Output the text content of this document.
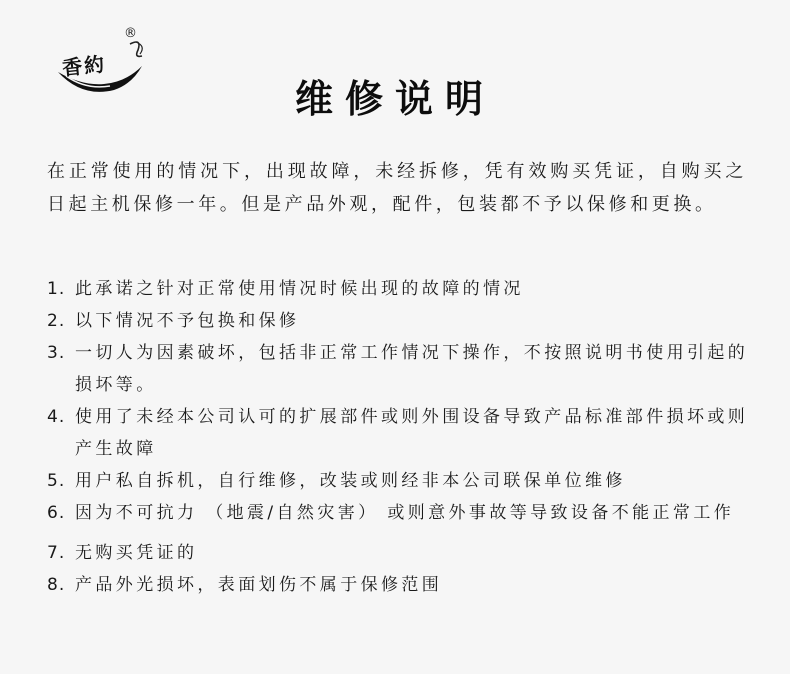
香約
®
维修说明
在正常使用的情况下，出现故障，未经拆修，凭有效购买凭证，自购买之日起主机保修一年。但是产品外观，配件，包装都不予以保修和更换。
1. 此承诺之针对正常使用情况时候出现的故障的情况
2. 以下情况不予包换和保修
3. 一切人为因素破坏，包括非正常工作情况下操作，不按照说明书使用引起的损坏等。
4. 使用了未经本公司认可的扩展部件或则外围设备导致产品标准部件损坏或则产生故障
5. 用户私自拆机，自行维修，改装或则经非本公司联保单位维修
6. 因为不可抗力 （地震/自然灾害） 或则意外事故等导致设备不能正常工作
7. 无购买凭证的
8. 产品外光损坏，表面划伤不属于保修范围
